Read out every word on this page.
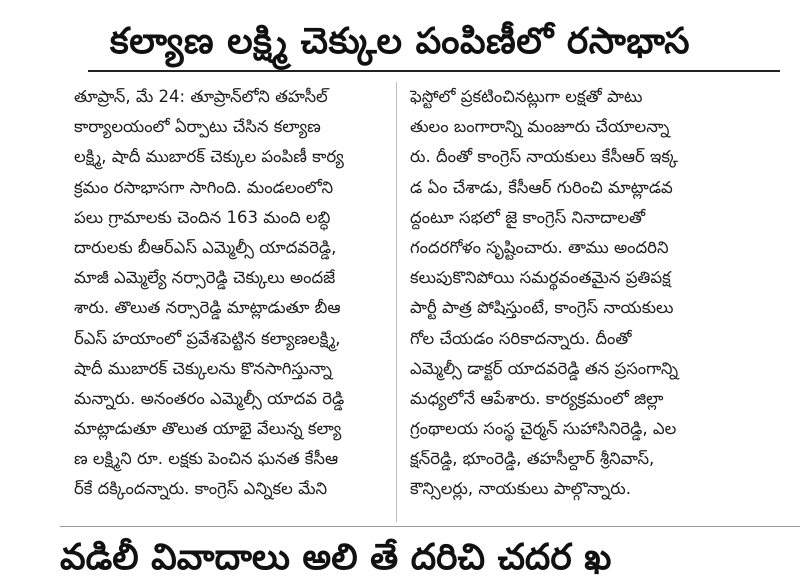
కల్యాణ లక్ష్మి చెక్కుల పంపిణీలో రసాభాస
తూప్రాన్, మే 24: తూప్రాన్‌లోని తహసీల్
కార్యాలయంలో ఏర్పాటు చేసిన కల్యాణ
లక్ష్మి, షాదీ ముబారక్ చెక్కుల పంపిణీ కార్య
క్రమం రసాభాసగా సాగింది. మండలంలోని
పలు గ్రామాలకు చెందిన 163 మంది లబ్ధి
దారులకు బీఆర్ఎస్ ఎమ్మెల్సీ యాదవరెడ్డి,
మాజీ ఎమ్మెల్యే నర్సారెడ్డి చెక్కులు అందజే
శారు. తొలుత నర్సారెడ్డి మాట్లాడుతూ బీఆ
ర్ఎస్ హయాంలో ప్రవేశపెట్టిన కల్యాణలక్ష్మి,
షాదీ ముబారక్ చెక్కులను కొనసాగిస్తున్నా
మన్నారు. అనంతరం ఎమ్మెల్సీ యాదవ రెడ్డి
మాట్లాడుతూ తొలుత యాభై వేలున్న కల్యా
ణ లక్ష్మిని రూ. లక్షకు పెంచిన ఘనత కేసీఆ
ర్‌కే దక్కిందన్నారు. కాంగ్రెస్ ఎన్నికల మేని
ఫెస్టోలో ప్రకటించినట్లుగా లక్షతో పాటు
తులం బంగారాన్ని మంజూరు చేయాలన్నా
రు. దీంతో కాంగ్రెస్ నాయకులు కేసీఆర్ ఇక్క
డ ఏం చేశాడు, కేసీఆర్ గురించి మాట్లాడవ
ద్దంటూ సభలో జై కాంగ్రెస్ నినాదాలతో
గందరగోళం సృష్టించారు. తాము అందరిని
కలుపుకొనిపోయి సమర్థవంతమైన ప్రతిపక్ష
పార్టీ పాత్ర పోషిస్తుంటే, కాంగ్రెస్ నాయకులు
గోల చేయడం సరికాదన్నారు. దీంతో
ఎమ్మెల్సీ డాక్టర్ యాదవరెడ్డి తన ప్రసంగాన్ని
మధ్యలోనే ఆపేశారు. కార్యక్రమంలో జిల్లా
గ్రంథాలయ సంస్థ చైర్మన్ సుహాసినిరెడ్డి, ఎల
క్షన్‌రెడ్డి, భూంరెడ్డి, తహసీల్దార్ శ్రీనివాస్,
కౌన్సిలర్లు, నాయకులు పాల్గొన్నారు.
వడిలీ వివాదాలు అలి తే దరిచి చదర ఖ
